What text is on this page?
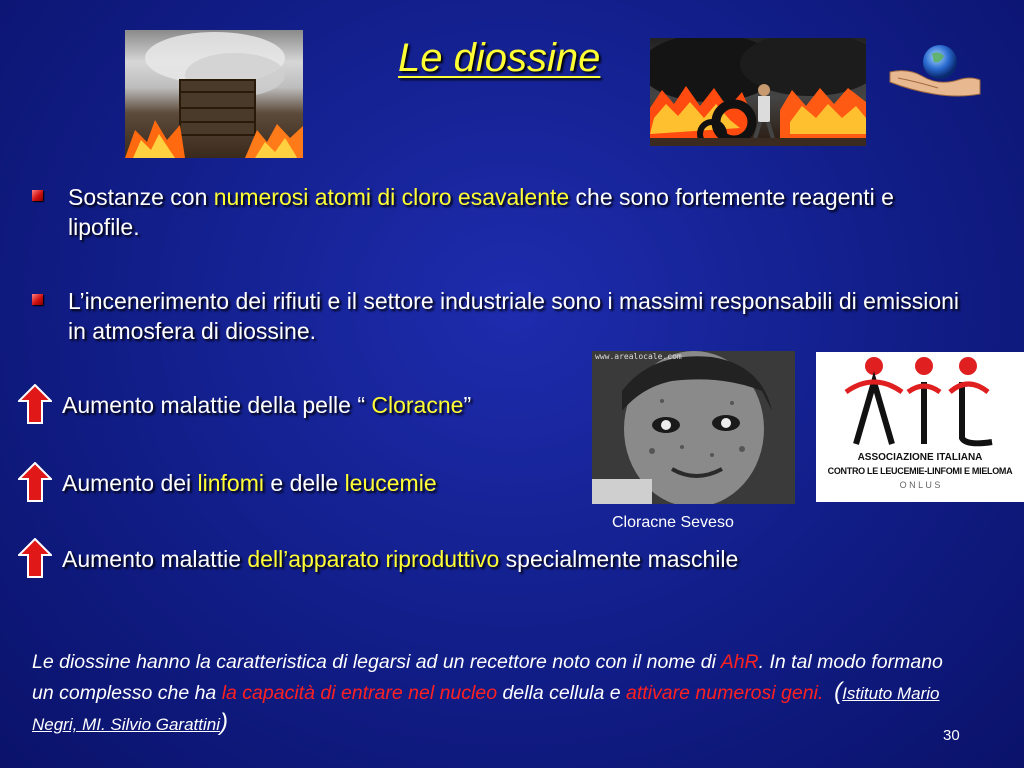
Le diossine
www.arealocale.com
ASSOCIAZIONE ITALIANA
CONTRO LE LEUCEMIE-LINFOMI E MIELOMA
O N L U S
Sostanze con numerosi atomi di cloro esavalente che sono fortemente reagenti e lipofile.
L’incenerimento dei rifiuti e il settore industriale sono i massimi responsabili di emissioni in atmosfera di diossine.
Aumento malattie della pelle “ Cloracne”
Aumento dei linfomi e delle leucemie
Aumento malattie dell’apparato riproduttivo specialmente maschile
Cloracne Seveso
Le diossine hanno la caratteristica di legarsi ad un recettore noto con il nome di AhR. In tal modo formano un complesso che ha la capacità di entrare nel nucleo della cellula e attivare numerosi geni. (Istituto Mario Negri, MI. Silvio Garattini)	30
